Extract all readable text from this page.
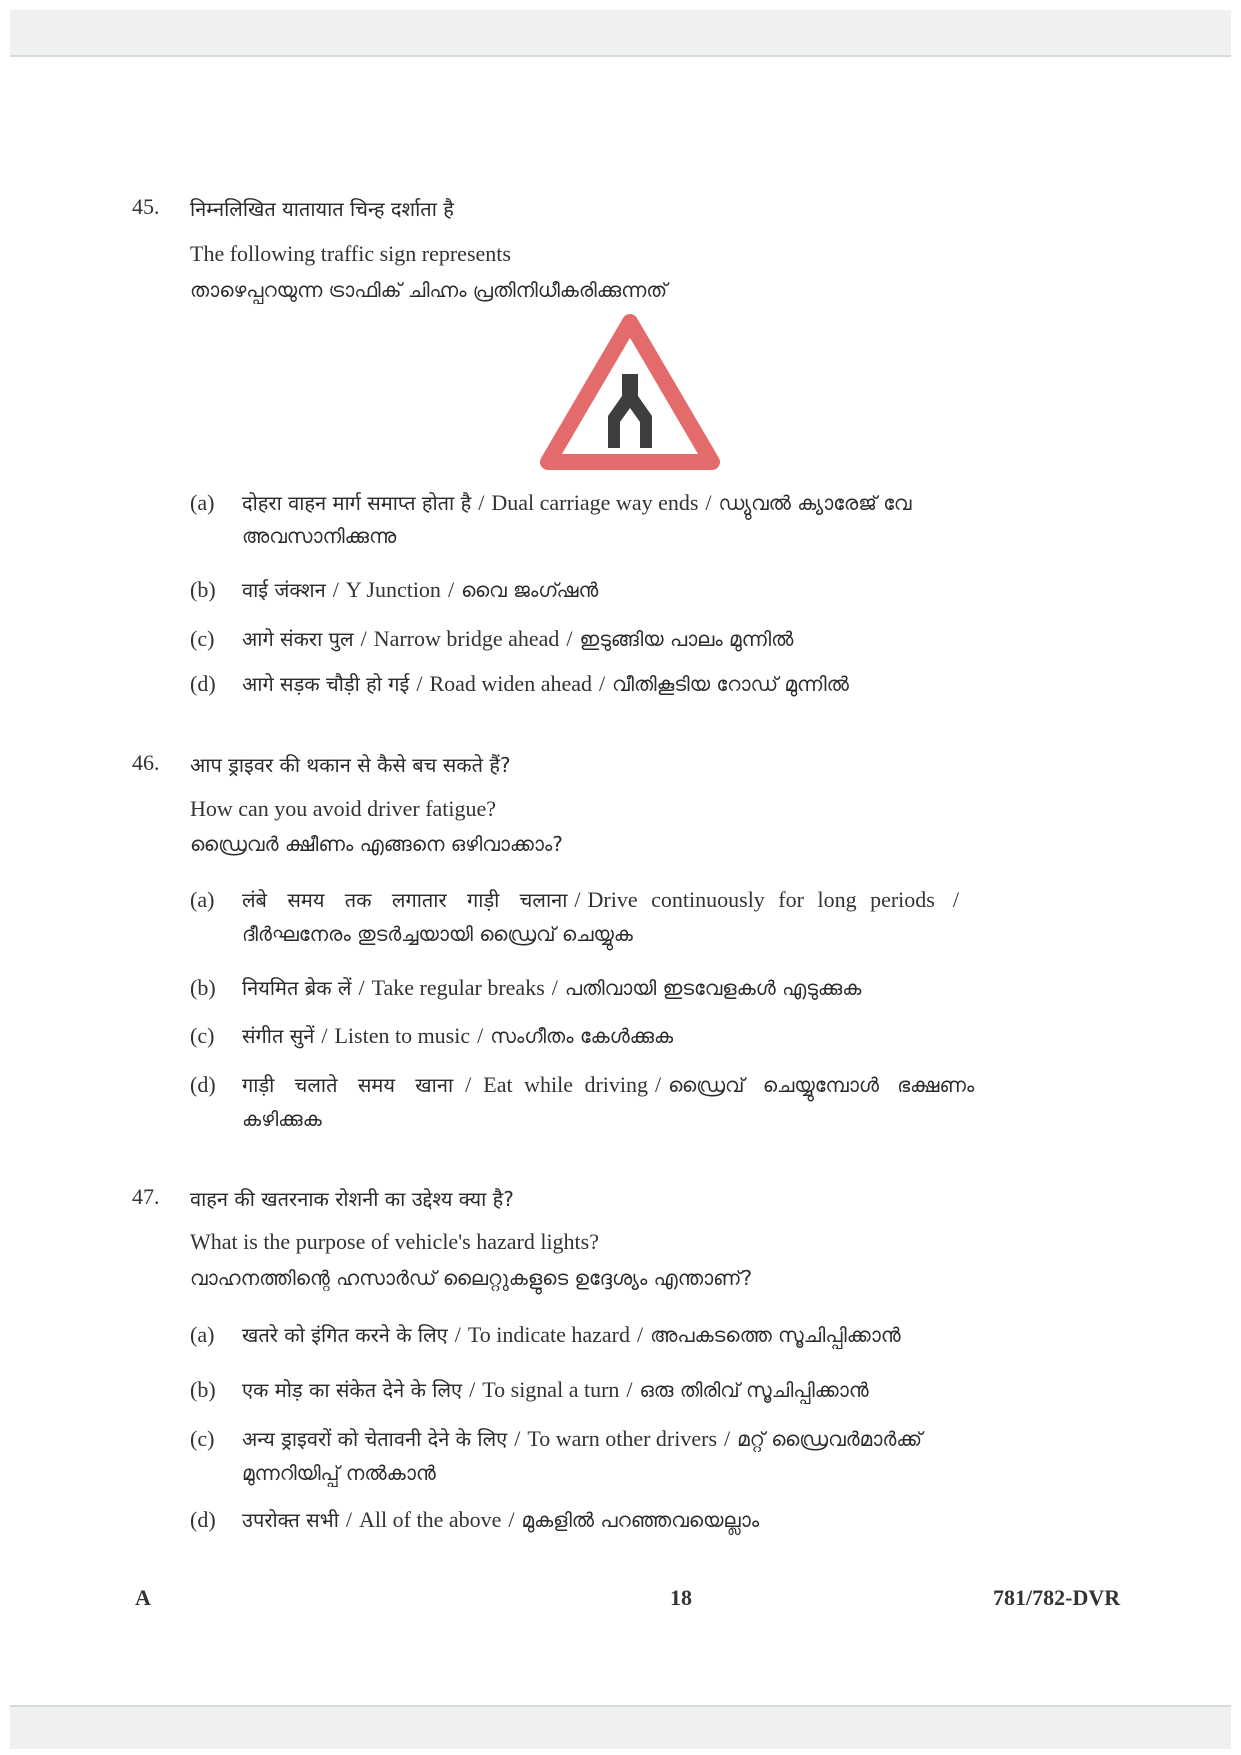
45. निम्नलिखित यातायात चिन्ह दर्शाता है
The following traffic sign represents
താഴെപ്പറയുന്ന ട്രാഫിക് ചിഹ്നം പ്രതിനിധീകരിക്കുന്നത്
(a)	दोहरा वाहन मार्ग समाप्त होता है / Dual carriage way ends / ഡ്യുവൽ ക്യാരേജ് വേ
അവസാനിക്കുന്നു
(b)	वाई जंक्शन / Y Junction / വൈ ജംഗ്ഷൻ
(c)	आगे संकरा पुल / Narrow bridge ahead / ഇടുങ്ങിയ പാലം മുന്നിൽ
(d)	आगे सड़क चौड़ी हो गई / Road widen ahead / വീതികൂടിയ റോഡ് മുന്നിൽ
46. आप ड्राइवर की थकान से कैसे बच सकते हैं?
How can you avoid driver fatigue?
ഡ്രൈവർ ക്ഷീണം എങ്ങനെ ഒഴിവാക്കാം?
(a)	लंबे समय तक लगातार गाड़ी चलाना / Drive continuously for long periods /
ദീർഘനേരം തുടർച്ചയായി ഡ്രൈവ് ചെയ്യുക
(b)	नियमित ब्रेक लें / Take regular breaks / പതിവായി ഇടവേളകൾ എടുക്കുക
(c)	संगीत सुनें / Listen to music / സംഗീതം കേൾക്കുക
(d)	गाड़ी चलाते समय खाना / Eat while driving / ഡ്രൈവ് ചെയ്യുമ്പോൾ ഭക്ഷണം
കഴിക്കുക
47. वाहन की खतरनाक रोशनी का उद्देश्य क्या है?
What is the purpose of vehicle's hazard lights?
വാഹനത്തിന്റെ ഹസാർഡ് ലൈറ്റുകളുടെ ഉദ്ദേശ്യം എന്താണ്?
(a)	खतरे को इंगित करने के लिए / To indicate hazard / അപകടത്തെ സൂചിപ്പിക്കാൻ
(b)	एक मोड़ का संकेत देने के लिए / To signal a turn / ഒരു തിരിവ് സൂചിപ്പിക്കാൻ
(c)	अन्य ड्राइवरों को चेतावनी देने के लिए / To warn other drivers / മറ്റ് ഡ്രൈവർമാർക്ക്
മുന്നറിയിപ്പ് നൽകാൻ
(d)	उपरोक्त सभी / All of the above / മുകളിൽ പറഞ്ഞവയെല്ലാം
A	18	781/782-DVR
